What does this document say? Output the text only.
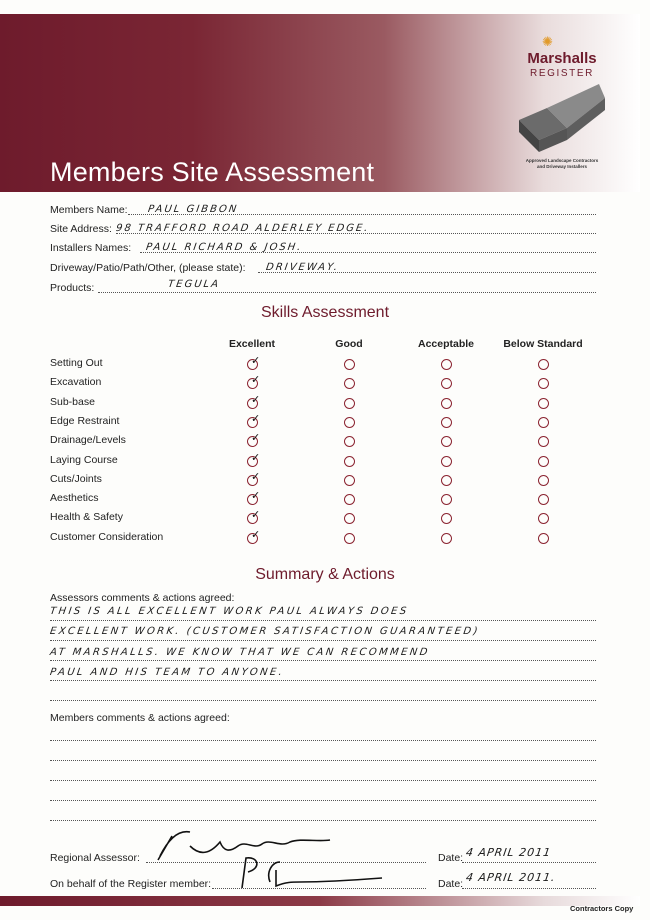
Members Site Assessment
✺
Marshalls
REGISTER
Approved Landscape Contractors
and Driveway Installers
Members Name: PAUL GIBBON
Site Address: 98 TRAFFORD ROAD ALDERLEY EDGE.
Installers Names: PAUL RICHARD & JOSH.
Driveway/Patio/Path/Other, (please state): DRIVEWAY.
Products:	TEGULA
Skills Assessment
Excellent	Good	Acceptable	Below Standard
Setting Out	✓
Excavation	✓
Sub-base	✓
Edge Restraint	✓
Drainage/Levels	✓
Laying Course	✓
Cuts/Joints	✓
Aesthetics	✓
Health & Safety	✓
Customer Consideration	✓
Summary & Actions
Assessors comments & actions agreed:
THIS IS ALL EXCELLENT WORK PAUL ALWAYS DOES
EXCELLENT WORK. (CUSTOMER SATISFACTION GUARANTEED)
AT MARSHALLS. WE KNOW THAT WE CAN RECOMMEND
PAUL AND HIS TEAM TO ANYONE.
Members comments & actions agreed:
Regional Assessor:	Date: 4 APRIL 2011
On behalf of the Register member:	Date: 4 APRIL 2011.
Contractors Copy
